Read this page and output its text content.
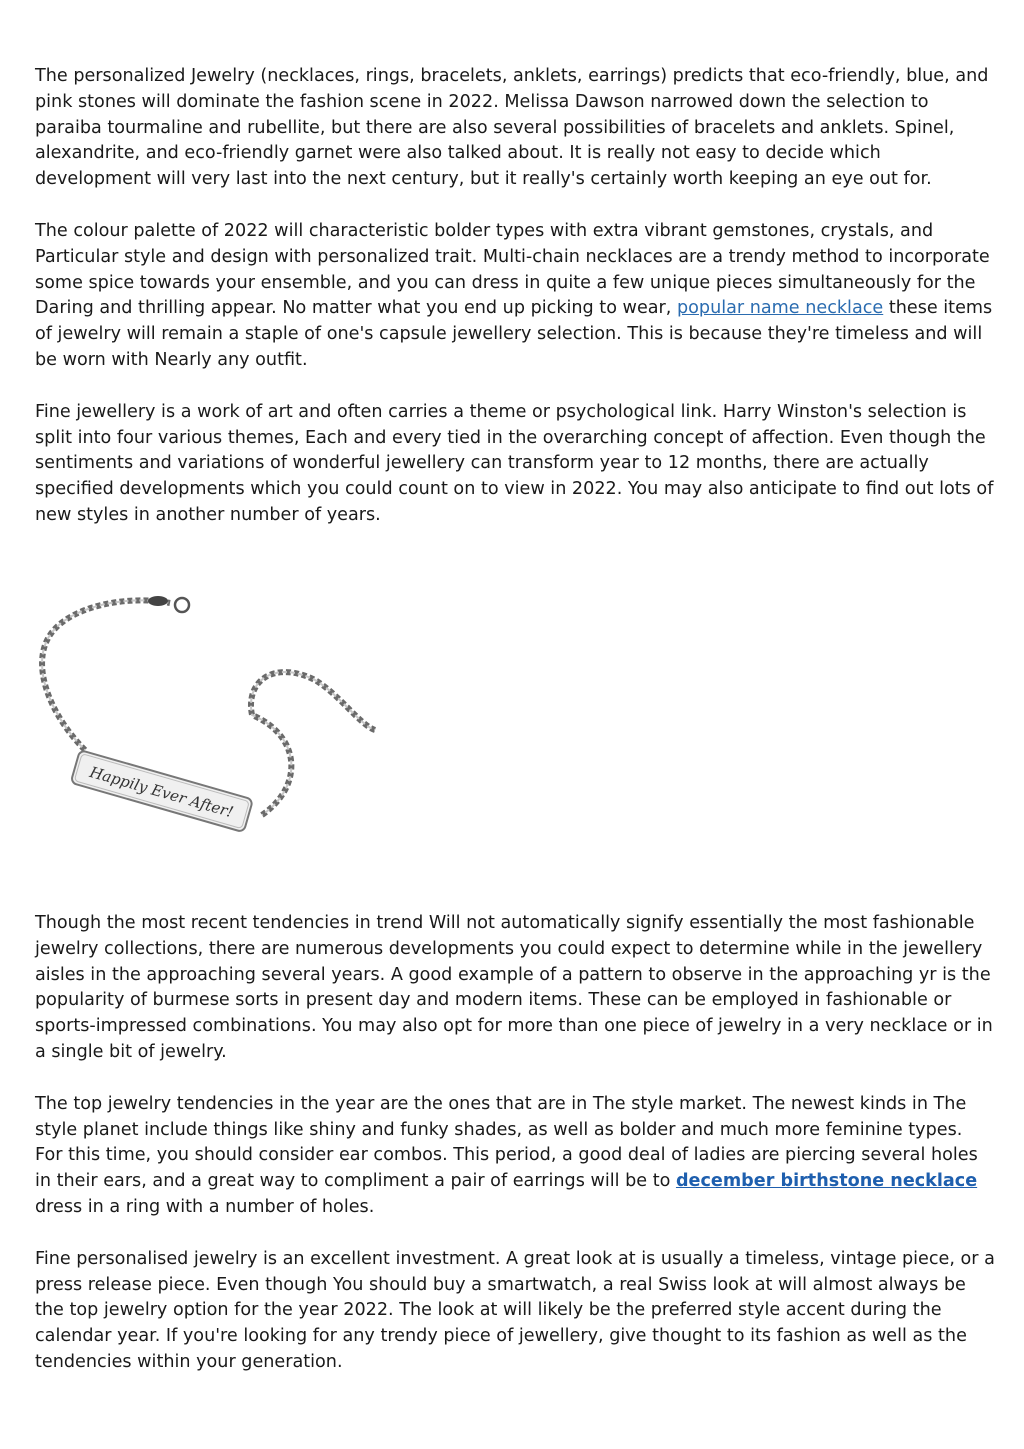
The personalized Jewelry (necklaces, rings, bracelets, anklets, earrings) predicts that eco-friendly, blue, and pink stones will dominate the fashion scene in 2022. Melissa Dawson narrowed down the selection to paraiba tourmaline and rubellite, but there are also several possibilities of bracelets and anklets. Spinel, alexandrite, and eco-friendly garnet were also talked about. It is really not easy to decide which development will very last into the next century, but it really's certainly worth keeping an eye out for.

The colour palette of 2022 will characteristic bolder types with extra vibrant gemstones, crystals, and Particular style and design with personalized trait. Multi-chain necklaces are a trendy method to incorporate some spice towards your ensemble, and you can dress in quite a few unique pieces simultaneously for the Daring and thrilling appear. No matter what you end up picking to wear, popular name necklace these items of jewelry will remain a staple of one's capsule jewellery selection. This is because they're timeless and will be worn with Nearly any outfit.

Fine jewellery is a work of art and often carries a theme or psychological link. Harry Winston's selection is split into four various themes, Each and every tied in the overarching concept of affection. Even though the sentiments and variations of wonderful jewellery can transform year to 12 months, there are actually specified developments which you could count on to view in 2022. You may also anticipate to find out lots of new styles in another number of years.

Happily Ever After!

Though the most recent tendencies in trend Will not automatically signify essentially the most fashionable jewelry collections, there are numerous developments you could expect to determine while in the jewellery aisles in the approaching several years. A good example of a pattern to observe in the approaching yr is the popularity of burmese sorts in present day and modern items. These can be employed in fashionable or sports-impressed combinations. You may also opt for more than one piece of jewelry in a very necklace or in a single bit of jewelry.

The top jewelry tendencies in the year are the ones that are in The style market. The newest kinds in The style planet include things like shiny and funky shades, as well as bolder and much more feminine types. For this time, you should consider ear combos. This period, a good deal of ladies are piercing several holes in their ears, and a great way to compliment a pair of earrings will be to december birthstone necklace dress in a ring with a number of holes.

Fine personalised jewelry is an excellent investment. A great look at is usually a timeless, vintage piece, or a press release piece. Even though You should buy a smartwatch, a real Swiss look at will almost always be the top jewelry option for the year 2022. The look at will likely be the preferred style accent during the calendar year. If you're looking for any trendy piece of jewellery, give thought to its fashion as well as the tendencies within your generation.
